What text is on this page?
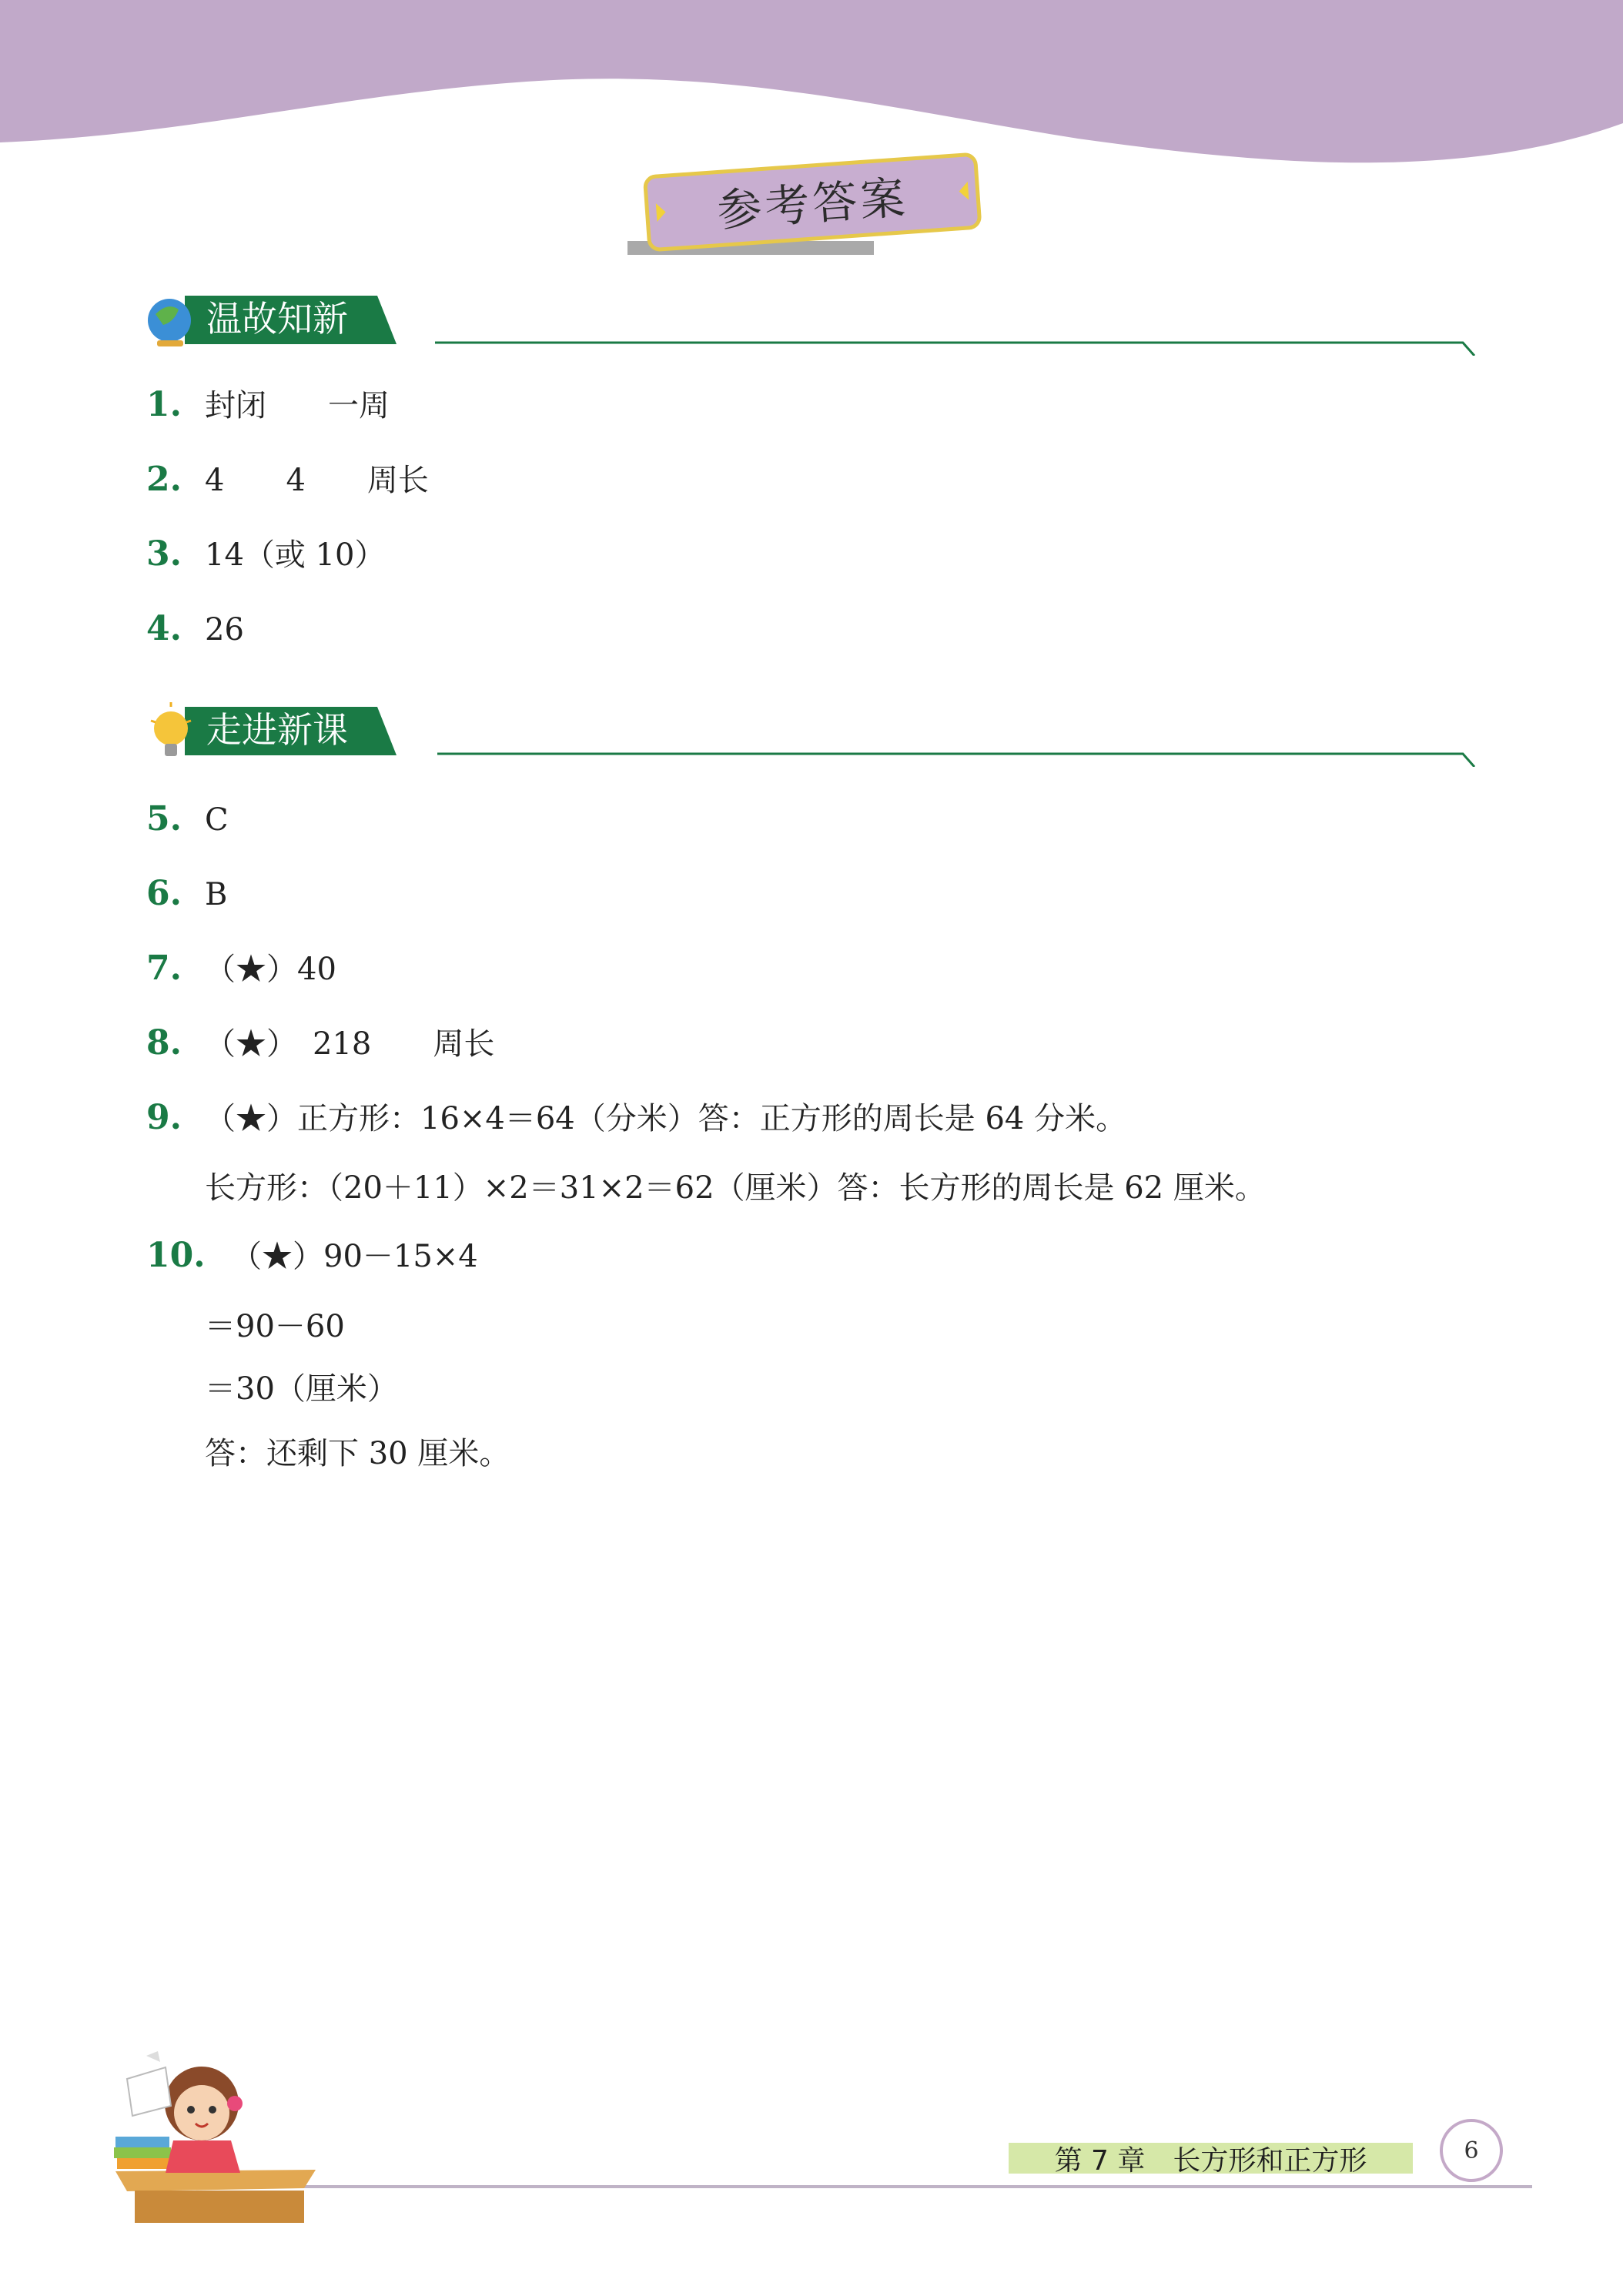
参考答案
温故知新
1. 封闭 一周
2. 4 4 周长
3. 14（或 10）
4. 26
走进新课
5. C
6. B
7. （★）40
8. （★） 218 周长
9. （★）正方形：16×4＝64（分米）答：正方形的周长是 64 分米。
长方形：（20＋11）×2＝31×2＝62（厘米）答：长方形的周长是 62 厘米。
10. （★）90－15×4
＝90－60
＝30（厘米）
答：还剩下 30 厘米。
第 7 章　长方形和正方形	6
